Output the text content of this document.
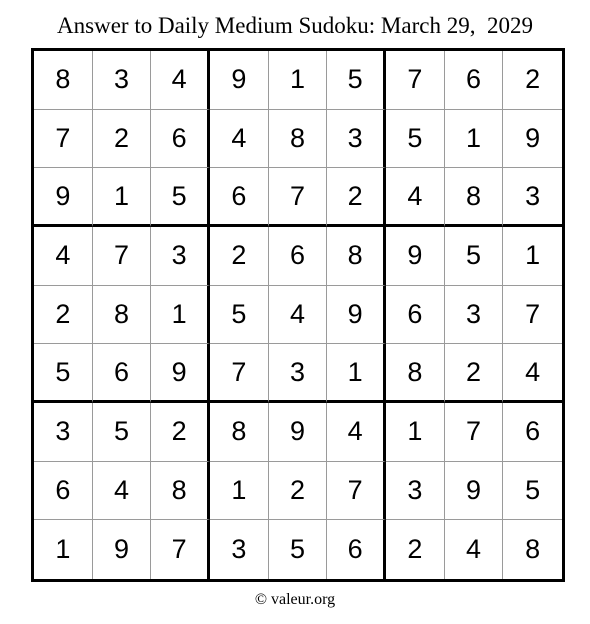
Answer to Daily Medium Sudoku: March 29,  2029
8	3	4	9	1	5	7	6	2
7	2	6	4	8	3	5	1	9
9	1	5	6	7	2	4	8	3
4	7	3	2	6	8	9	5	1
2	8	1	5	4	9	6	3	7
5	6	9	7	3	1	8	2	4
3	5	2	8	9	4	1	7	6
6	4	8	1	2	7	3	9	5
1	9	7	3	5	6	2	4	8
© valeur.org
